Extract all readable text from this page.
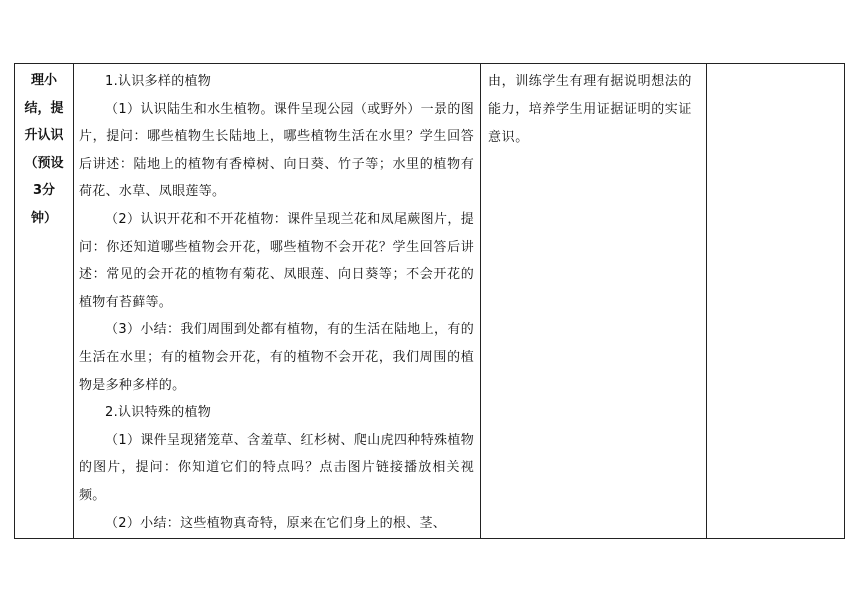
理小

结，提

升认识

（预设

3分

钟）

1.认识多样的植物

（1）认识陆生和水生植物。课件呈现公园（或野外）一景的图片，提问：哪些植物生长陆地上，哪些植物生活在水里？学生回答后讲述：陆地上的植物有香樟树、向日葵、竹子等；水里的植物有荷花、水草、凤眼莲等。

（2）认识开花和不开花植物：课件呈现兰花和凤尾蕨图片，提问：你还知道哪些植物会开花，哪些植物不会开花？学生回答后讲述：常见的会开花的植物有菊花、凤眼莲、向日葵等；不会开花的植物有苔藓等。

（3）小结：我们周围到处都有植物，有的生活在陆地上，有的生活在水里；有的植物会开花，有的植物不会开花，我们周围的植物是多种多样的。

2.认识特殊的植物

（1）课件呈现猪笼草、含羞草、红杉树、爬山虎四种特殊植物的图片，提问：你知道它们的特点吗？点击图片链接播放相关视频。

（2）小结：这些植物真奇特，原来在它们身上的根、茎、

由，训练学生有理有据说明想法的能力，培养学生用证据证明的实证意识。
